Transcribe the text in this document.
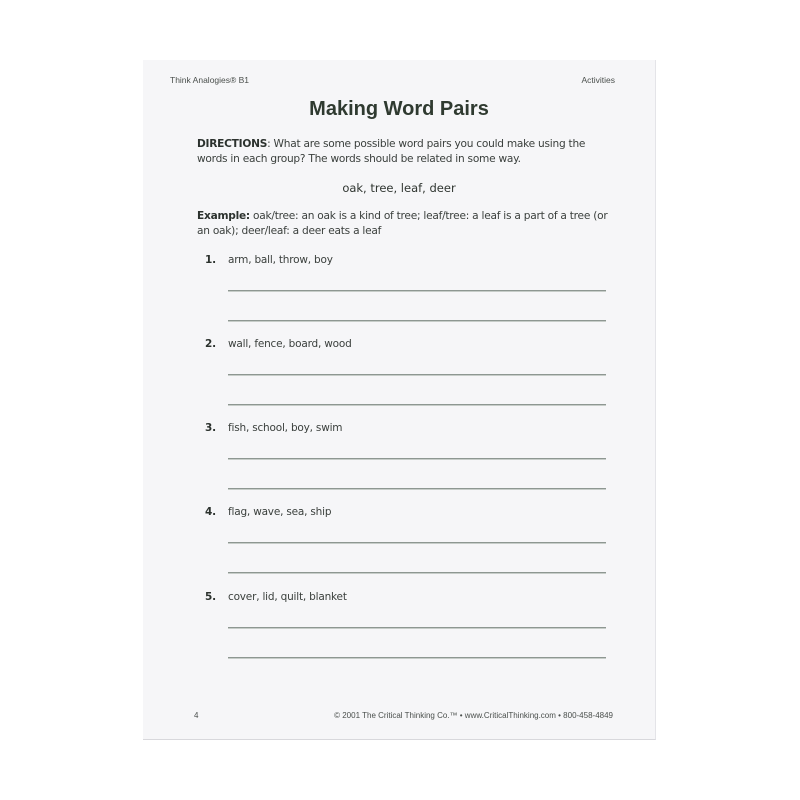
Think Analogies® B1	Activities
Making Word Pairs
DIRECTIONS: What are some possible word pairs you could make using the words in each group? The words should be related in some way.
oak, tree, leaf, deer
Example: oak/tree: an oak is a kind of tree; leaf/tree: a leaf is a part of a tree (or an oak); deer/leaf: a deer eats a leaf
1. arm, ball, throw, boy
2. wall, fence, board, wood
3. fish, school, boy, swim
4. flag, wave, sea, ship
5. cover, lid, quilt, blanket
4	© 2001 The Critical Thinking Co.™ • www.CriticalThinking.com • 800-458-4849
